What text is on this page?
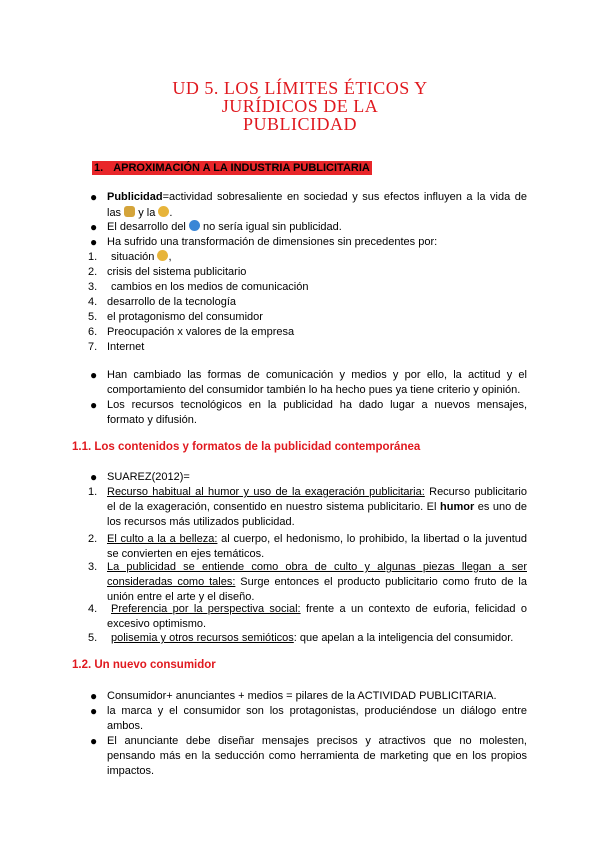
UD 5. LOS LÍMITES ÉTICOS Y
JURÍDICOS DE LA
PUBLICIDAD
1. APROXIMACIÓN A LA INDUSTRIA PUBLICITARIA
● Publicidad=actividad sobresaliente en sociedad y sus efectos influyen a la vida de
las y la .
● El desarrollo del no sería igual sin publicidad.
● Ha sufrido una transformación de dimensiones sin precedentes por:
1. situación ,
2. crisis del sistema publicitario
3. cambios en los medios de comunicación
4. desarrollo de la tecnología
5. el protagonismo del consumidor
6. Preocupación x valores de la empresa
7. Internet
● Han cambiado las formas de comunicación y medios y por ello, la actitud y el
comportamiento del consumidor también lo ha hecho pues ya tiene criterio y opinión.
● Los recursos tecnológicos en la publicidad ha dado lugar a nuevos mensajes,
formato y difusión.
1.1. Los contenidos y formatos de la publicidad contemporánea
● SUAREZ(2012)=
1. Recurso habitual al humor y uso de la exageración publicitaria: Recurso publicitario
el de la exageración, consentido en nuestro sistema publicitario. El humor es uno de
los recursos más utilizados publicidad.
2. El culto a la a belleza: al cuerpo, el hedonismo, lo prohibido, la libertad o la juventud
se convierten en ejes temáticos.
3. La publicidad se entiende como obra de culto y algunas piezas llegan a ser
consideradas como tales: Surge entonces el producto publicitario como fruto de la
unión entre el arte y el diseño.
4. Preferencia por la perspectiva social: frente a un contexto de euforia, felicidad o
excesivo optimismo.
5. polisemia y otros recursos semióticos: que apelan a la inteligencia del consumidor.
1.2. Un nuevo consumidor
● Consumidor+ anunciantes + medios = pilares de la ACTIVIDAD PUBLICITARIA.
● la marca y el consumidor son los protagonistas, produciéndose un diálogo entre
ambos.
● El anunciante debe diseñar mensajes precisos y atractivos que no molesten,
pensando más en la seducción como herramienta de marketing que en los propios
impactos.
